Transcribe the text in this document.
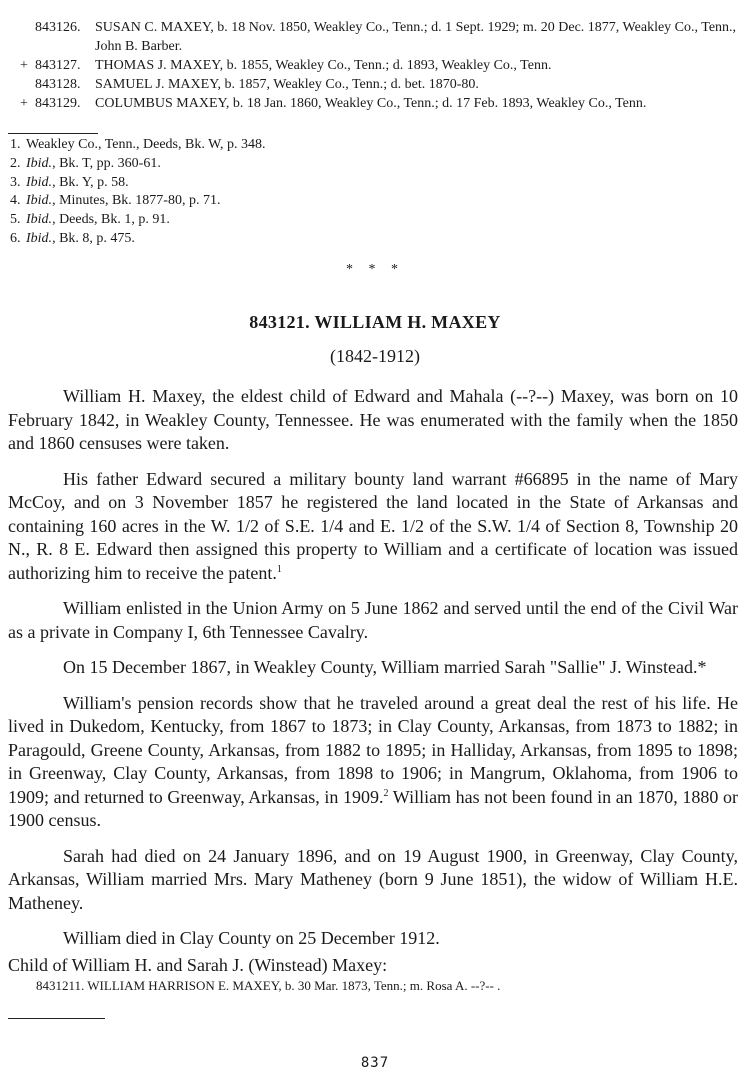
843126.	SUSAN C. MAXEY, b. 18 Nov. 1850, Weakley Co., Tenn.; d. 1 Sept. 1929; m. 20 Dec. 1877, Weakley Co., Tenn., John B. Barber.
+ 843127.	THOMAS J. MAXEY, b. 1855, Weakley Co., Tenn.; d. 1893, Weakley Co., Tenn.
843128.	SAMUEL J. MAXEY, b. 1857, Weakley Co., Tenn.; d. bet. 1870-80.
+ 843129.	COLUMBUS MAXEY, b. 18 Jan. 1860, Weakley Co., Tenn.; d. 17 Feb. 1893, Weakley Co., Tenn.
1. Weakley Co., Tenn., Deeds, Bk. W, p. 348.
2. Ibid., Bk. T, pp. 360-61.
3. Ibid., Bk. Y, p. 58.
4. Ibid., Minutes, Bk. 1877-80, p. 71.
5. Ibid., Deeds, Bk. 1, p. 91.
6. Ibid., Bk. 8, p. 475.
* * *
843121. WILLIAM H. MAXEY
(1842-1912)

William H. Maxey, the eldest child of Edward and Mahala (--?--) Maxey, was born on 10 February 1842, in Weakley County, Tennessee. He was enumerated with the family when the 1850 and 1860 censuses were taken.

His father Edward secured a military bounty land warrant #66895 in the name of Mary McCoy, and on 3 November 1857 he registered the land located in the State of Arkansas and containing 160 acres in the W. 1/2 of S.E. 1/4 and E. 1/2 of the S.W. 1/4 of Section 8, Township 20 N., R. 8 E. Edward then assigned this property to William and a certificate of location was issued authorizing him to receive the patent.$^1$

William enlisted in the Union Army on 5 June 1862 and served until the end of the Civil War as a private in Company I, 6th Tennessee Cavalry.

On 15 December 1867, in Weakley County, William married Sarah "Sallie" J. Winstead.*

William's pension records show that he traveled around a great deal the rest of his life. He lived in Dukedom, Kentucky, from 1867 to 1873; in Clay County, Arkansas, from 1873 to 1882; in Paragould, Greene County, Arkansas, from 1882 to 1895; in Halliday, Arkansas, from 1895 to 1898; in Greenway, Clay County, Arkansas, from 1898 to 1906; in Mangrum, Oklahoma, from 1906 to 1909; and returned to Greenway, Arkansas, in 1909.$^2$ William has not been found in an 1870, 1880 or 1900 census.

Sarah had died on 24 January 1896, and on 19 August 1900, in Greenway, Clay County, Arkansas, William married Mrs. Mary Matheney (born 9 June 1851), the widow of William H.E. Matheney.

William died in Clay County on 25 December 1912.

Child of William H. and Sarah J. (Winstead) Maxey:
8431211. WILLIAM HARRISON E. MAXEY, b. 30 Mar. 1873, Tenn.; m. Rosa A. --?-- .
837
